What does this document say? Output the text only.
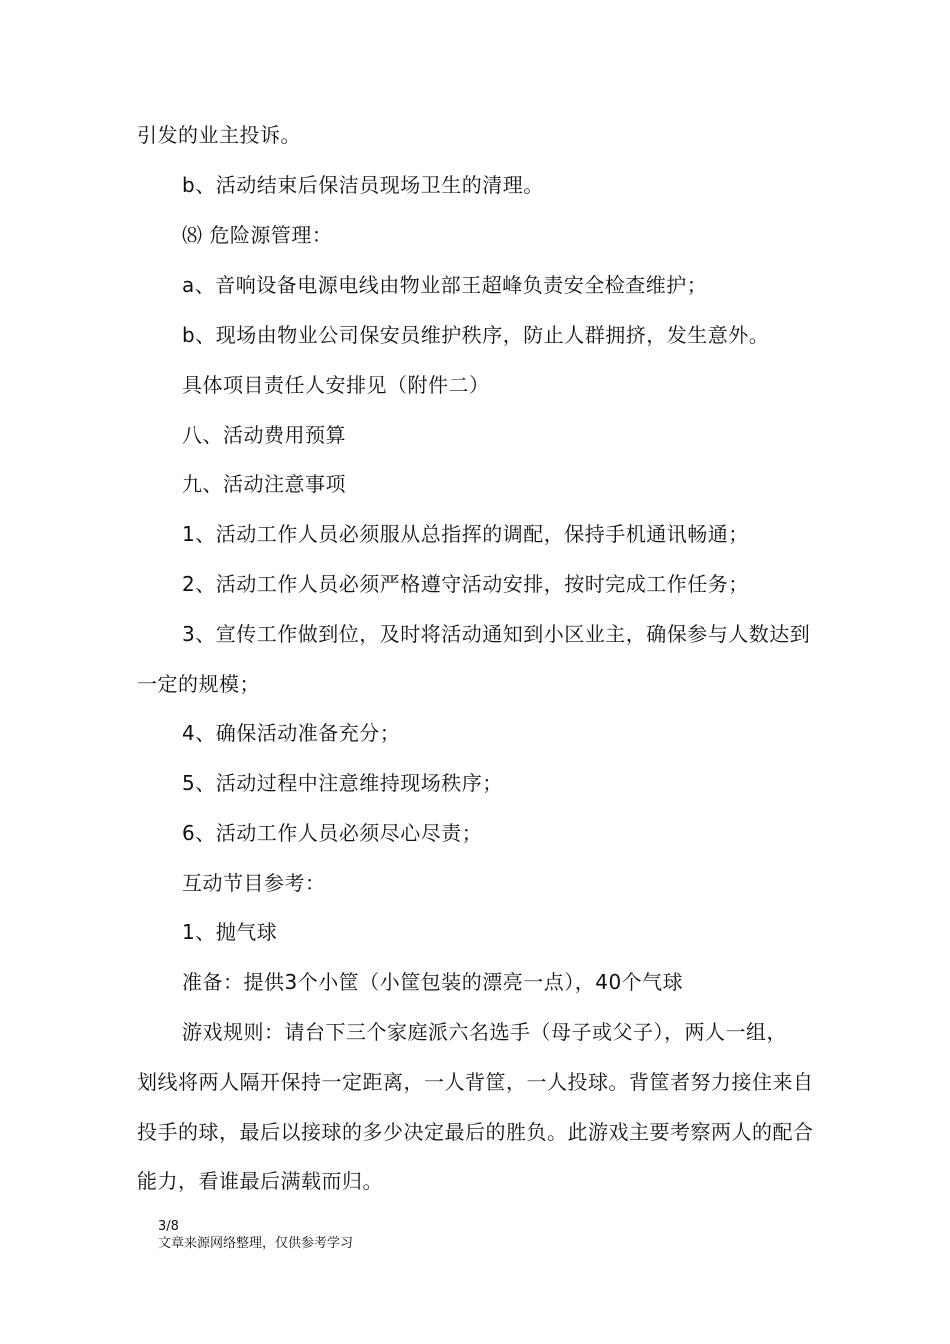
引发的业主投诉。
b、活动结束后保洁员现场卫生的清理。
⑻ 危险源管理：
a、音响设备电源电线由物业部王超峰负责安全检查维护；
b、现场由物业公司保安员维护秩序，防止人群拥挤，发生意外。
具体项目责任人安排见（附件二）
八、活动费用预算
九、活动注意事项
1、活动工作人员必须服从总指挥的调配，保持手机通讯畅通；
2、活动工作人员必须严格遵守活动安排，按时完成工作任务；
3、宣传工作做到位，及时将活动通知到小区业主，确保参与人数达到
一定的规模；
4、确保活动准备充分；
5、活动过程中注意维持现场秩序；
6、活动工作人员必须尽心尽责；
互动节目参考：
1、抛气球
准备：提供3个小筐（小筐包装的漂亮一点），40个气球
游戏规则：请台下三个家庭派六名选手（母子或父子），两人一组，
划线将两人隔开保持一定距离，一人背筐，一人投球。背筐者努力接住来自
投手的球，最后以接球的多少决定最后的胜负。此游戏主要考察两人的配合
能力，看谁最后满载而归。
3/8
文章来源网络整理，仅供参考学习
